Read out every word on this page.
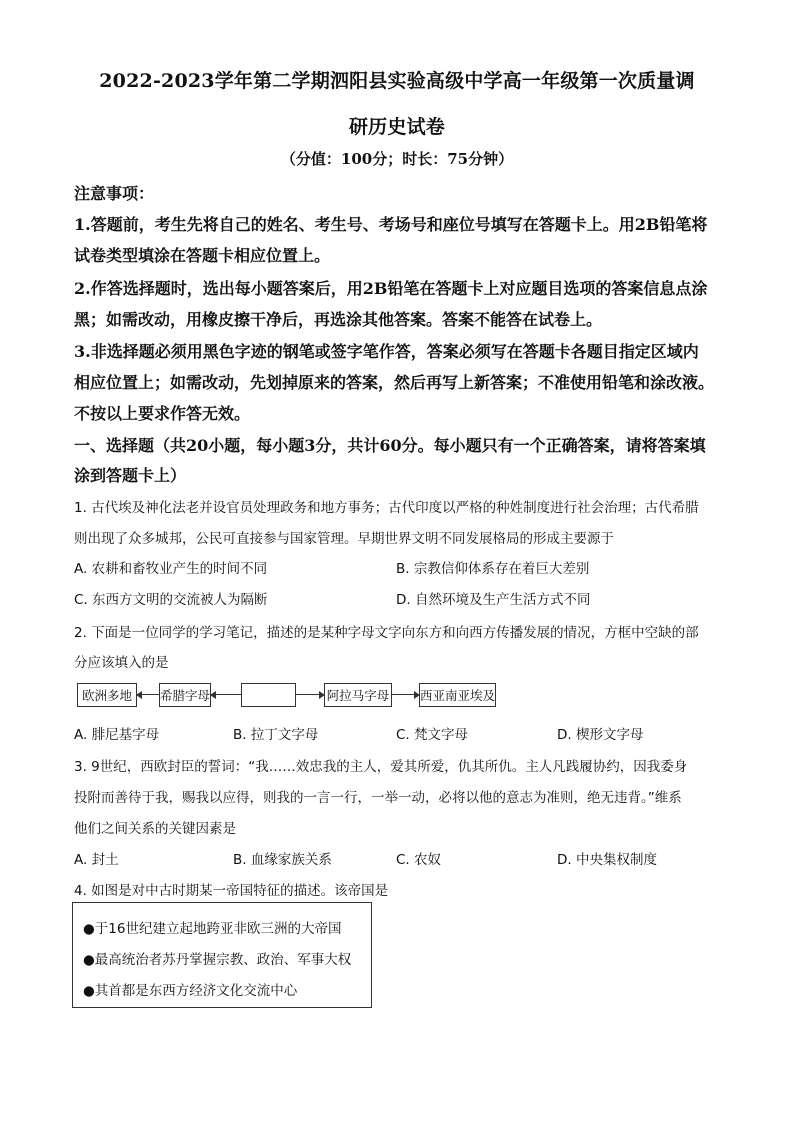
2022-2023学年第二学期泗阳县实验高级中学高一年级第一次质量调
研历史试卷
（分值：100分；时长：75分钟）
注意事项：
1.答题前，考生先将自己的姓名、考生号、考场号和座位号填写在答题卡上。用2B铅笔将
试卷类型填涂在答题卡相应位置上。
2.作答选择题时，选出每小题答案后，用2B铅笔在答题卡上对应题目选项的答案信息点涂
黑；如需改动，用橡皮擦干净后，再选涂其他答案。答案不能答在试卷上。
3.非选择题必须用黑色字迹的钢笔或签字笔作答，答案必须写在答题卡各题目指定区域内
相应位置上；如需改动，先划掉原来的答案，然后再写上新答案；不准使用铅笔和涂改液。
不按以上要求作答无效。
一、选择题（共20小题，每小题3分，共计60分。每小题只有一个正确答案，请将答案填
涂到答题卡上）
1. 古代埃及神化法老并设官员处理政务和地方事务；古代印度以严格的种姓制度进行社会治理；古代希腊
则出现了众多城邦，公民可直接参与国家管理。早期世界文明不同发展格局的形成主要源于
A. 农耕和畜牧业产生的时间不同	B. 宗教信仰体系存在着巨大差别
C. 东西方文明的交流被人为隔断	D. 自然环境及生产生活方式不同
2. 下面是一位同学的学习笔记，描述的是某种字母文字向东方和向西方传播发展的情况，方框中空缺的部
分应该填入的是
欧洲多地	希腊字母	阿拉马字母 西亚南亚埃及
A. 腓尼基字母	B. 拉丁文字母	C. 梵文字母	D. 楔形文字母
3. 9世纪，西欧封臣的誓词：“我……效忠我的主人，爱其所爱，仇其所仇。主人凡践履协约，因我委身
投附而善待于我，赐我以应得，则我的一言一行，一举一动，必将以他的意志为准则，绝无违背。”维系
他们之间关系的关键因素是
A. 封土	B. 血缘家族关系	C. 农奴	D. 中央集权制度
4. 如图是对中古时期某一帝国特征的描述。该帝国是
●于16世纪建立起地跨亚非欧三洲的大帝国
●最高统治者苏丹掌握宗教、政治、军事大权
●其首都是东西方经济文化交流中心
